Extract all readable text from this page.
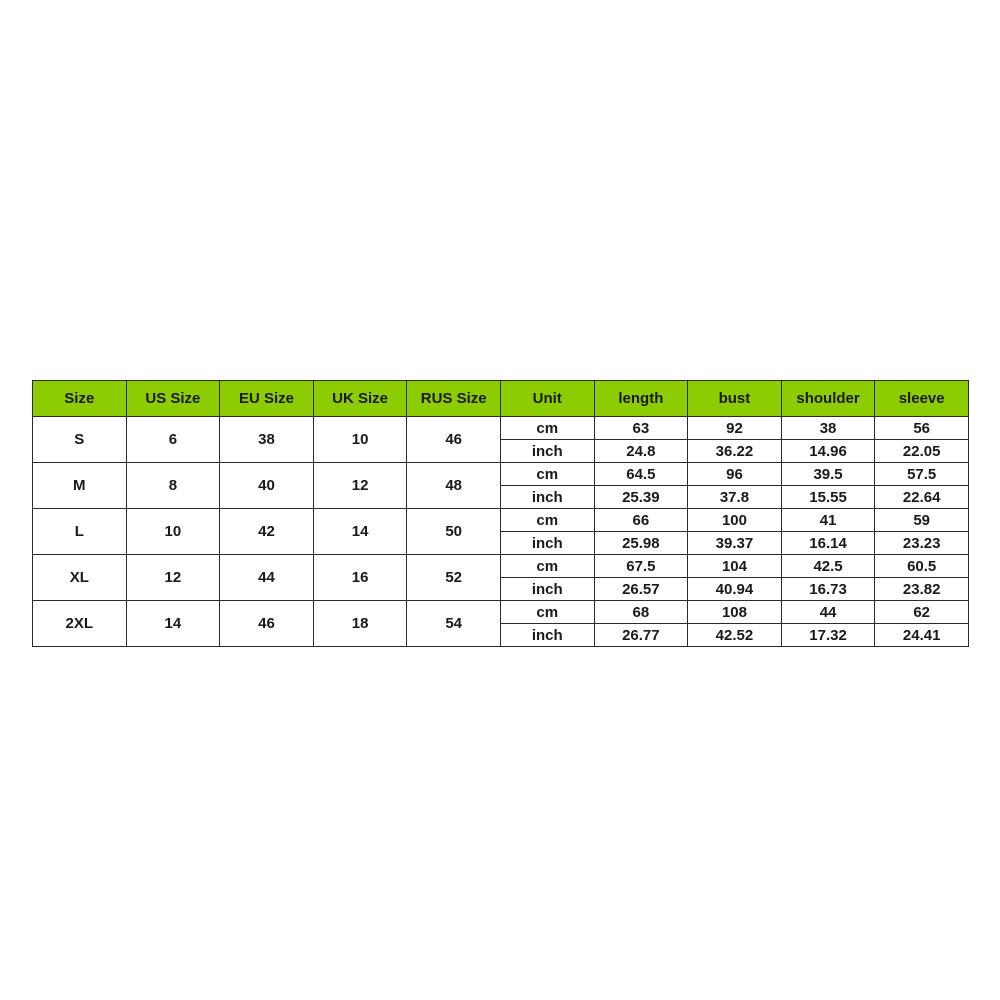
Size	US Size	EU Size	UK Size	RUS Size	Unit	length	bust	shoulder	sleeve
S	6	38	10	46	cm	63	92	38	56
					inch	24.8	36.22	14.96	22.05
M	8	40	12	48	cm	64.5	96	39.5	57.5
					inch	25.39	37.8	15.55	22.64
L	10	42	14	50	cm	66	100	41	59
					inch	25.98	39.37	16.14	23.23
XL	12	44	16	52	cm	67.5	104	42.5	60.5
					inch	26.57	40.94	16.73	23.82
2XL	14	46	18	54	cm	68	108	44	62
					inch	26.77	42.52	17.32	24.41
